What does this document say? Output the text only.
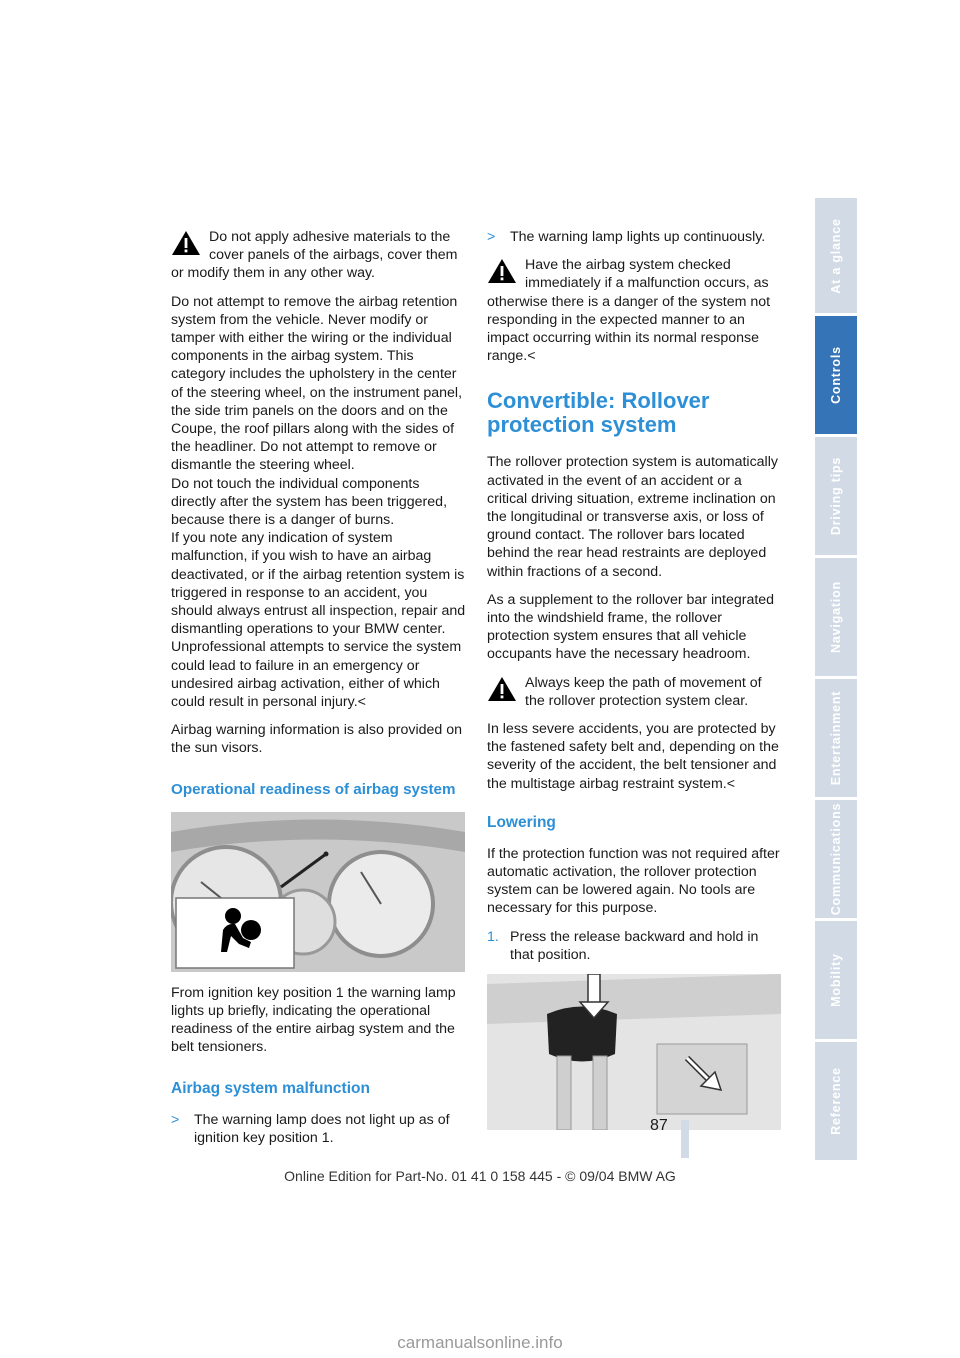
Do not apply adhesive materials to the cover panels of the airbags, cover them or modify them in any other way.

Do not attempt to remove the airbag retention system from the vehicle. Never modify or tamper with either the wiring or the individual components in the airbag system. This category includes the upholstery in the center of the steering wheel, on the instrument panel, the side trim panels on the doors and on the Coupe, the roof pillars along with the sides of the headliner. Do not attempt to remove or dismantle the steering wheel.

Do not touch the individual components directly after the system has been triggered, because there is a danger of burns.

If you note any indication of system malfunction, if you wish to have an airbag deactivated, or if the airbag retention system is triggered in response to an accident, you should always entrust all inspection, repair and dismantling operations to your BMW center. Unprofessional attempts to service the system could lead to failure in an emergency or undesired airbag activation, either of which could result in personal injury.<

Airbag warning information is also provided on the sun visors.

Operational readiness of airbag system

From ignition key position 1 the warning lamp lights up briefly, indicating the operational readiness of the entire airbag system and the belt tensioners.

Airbag system malfunction
> The warning lamp does not light up as of ignition key position 1.
> The warning lamp lights up continuously.

Have the airbag system checked immediately if a malfunction occurs, as otherwise there is a danger of the system not responding in the expected manner to an impact occurring within its normal response range.<

Convertible: Rollover protection system

The rollover protection system is automatically activated in the event of an accident or a critical driving situation, extreme inclination on the longitudinal or transverse axis, or loss of ground contact. The rollover bars located behind the rear head restraints are deployed within fractions of a second.

As a supplement to the rollover bar integrated into the windshield frame, the rollover protection system ensures that all vehicle occupants have the necessary headroom.

Always keep the path of movement of the rollover protection system clear.

In less severe accidents, you are protected by the fastened safety belt and, depending on the severity of the accident, the belt tensioner and the multistage airbag restraint system.<

Lowering

If the protection function was not required after automatic activation, the rollover protection system can be lowered again. No tools are necessary for this purpose.

1. Press the release backward and hold in that position.
At a glance
Controls
Driving tips
Navigation
Entertainment
Communications
Mobility
Reference
87
Online Edition for Part-No. 01 41 0 158 445 - © 09/04 BMW AG
carmanualsonline.info
